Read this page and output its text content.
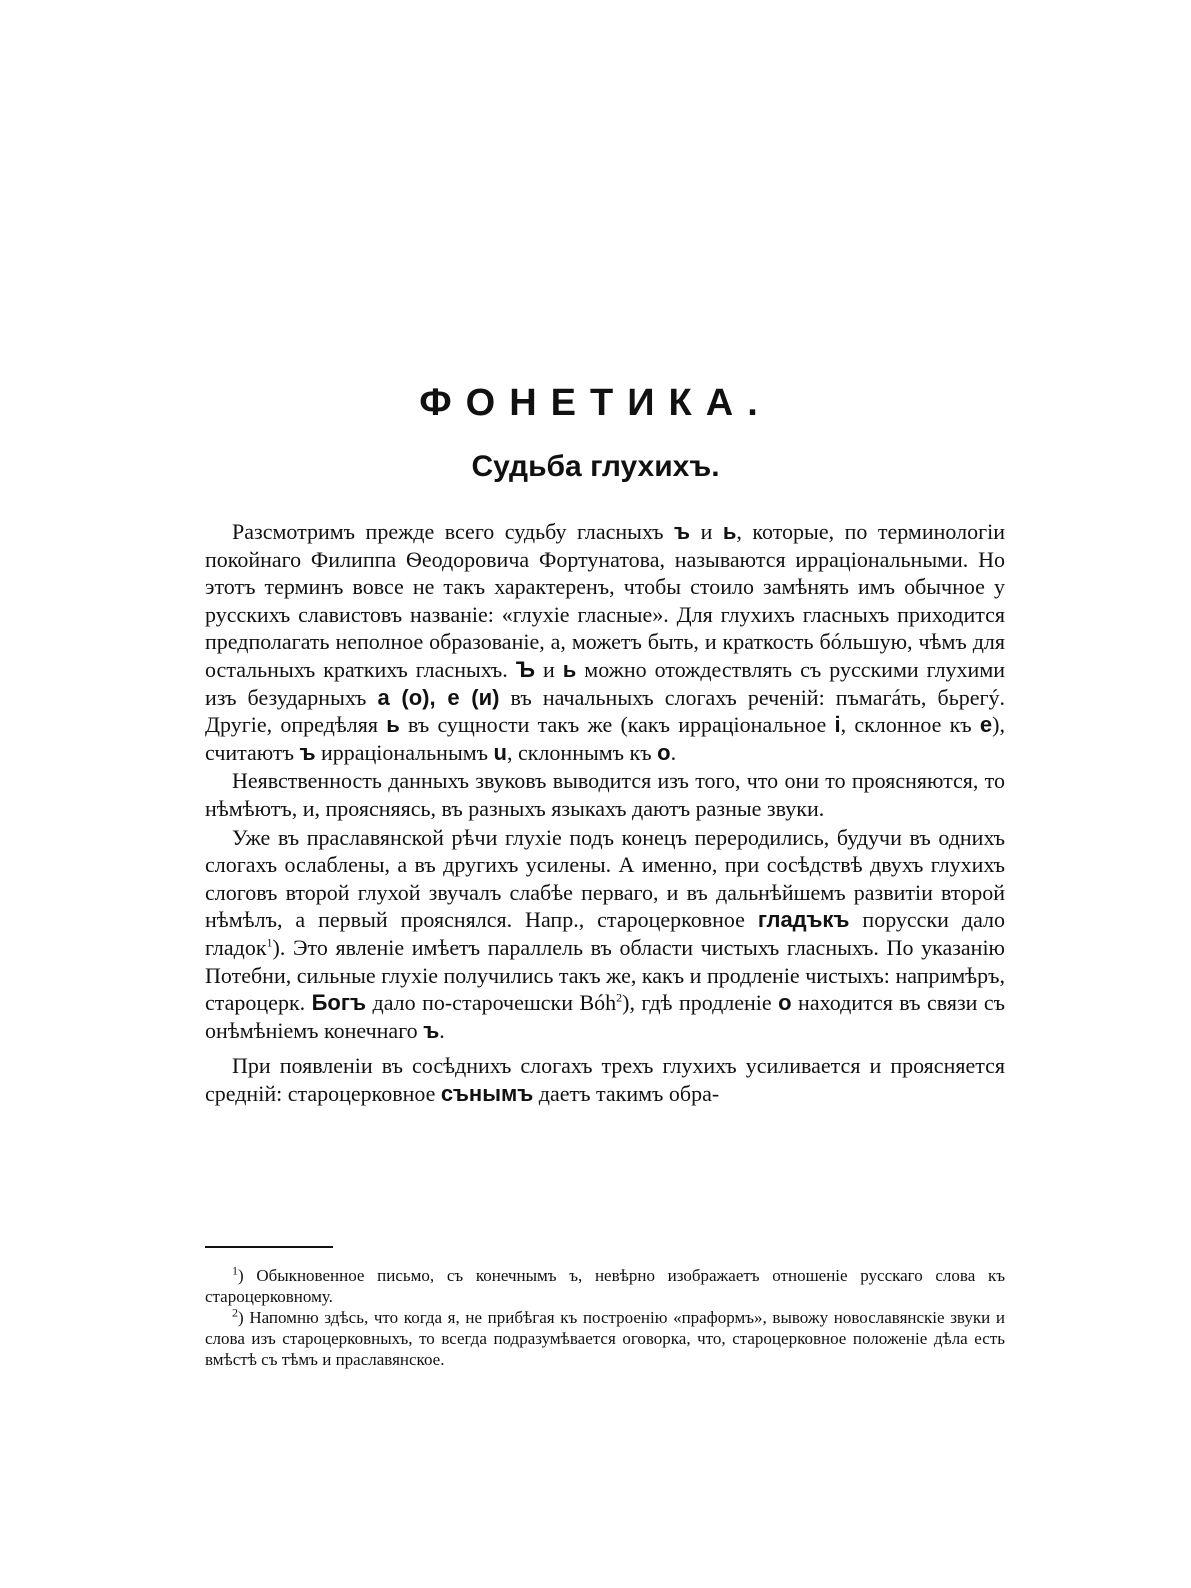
ФОНЕТИКА.
Судьба глухихъ.

Разсмотримъ прежде всего судьбу гласныхъ ъ и ь, которые, по терминологіи покойнаго Филиппа Ѳеодоровича Фортунатова, называются ирраціональными. Но этотъ терминъ вовсе не такъ характеренъ, чтобы стоило замѣнять имъ обычное у русскихъ славистовъ названіе: «глухіе гласные». Для глухихъ гласныхъ приходится предполагать неполное образованіе, а, можетъ быть, и краткость бóльшую, чѣмъ для остальныхъ краткихъ гласныхъ. Ъ и ь можно отождествлять съ русскими глухими изъ безударныхъ а (о), е (и) въ начальныхъ слогахъ реченій: пъмагáть, бьрегý. Другіе, опредѣляя ь въ сущности такъ же (какъ ирраціональное і, склонное къ е), считаютъ ъ ирраціональнымъ u, склоннымъ къ о.

Неявственность данныхъ звуковъ выводится изъ того, что они то проясняются, то нѣмѣютъ, и, проясняясь, въ разныхъ языкахъ даютъ разные звуки.

Уже въ праславянской рѣчи глухіе подъ конецъ переродились, будучи въ однихъ слогахъ ослаблены, а въ другихъ усилены. А именно, при сосѣдствѣ двухъ глухихъ слоговъ второй глухой звучалъ слабѣе перваго, и въ дальнѣйшемъ развитіи второй нѣмѣлъ, а первый прояснялся. Напр., староцерковное гладъкъ порусски дало гладок$^1$). Это явленіе имѣетъ параллель въ области чистыхъ гласныхъ. По указанію Потебни, сильные глухіе получились такъ же, какъ и продленіе чистыхъ: напримѣръ, староцерк. Богъ дало по-старочешски Bóh$^2$), гдѣ продленіе о находится въ связи съ онѣмѣніемъ конечнаго ъ.

При появленіи въ сосѣднихъ слогахъ трехъ глухихъ усиливается и проясняется средній: староцерковное сънымъ даетъ такимъ обра-

$^1$) Обыкновенное письмо, съ конечнымъ ъ, невѣрно изображаетъ отношеніе русскаго слова къ староцерковному.

$^2$) Напомню здѣсь, что когда я, не прибѣгая къ построенію «праформъ», вывожу новославянскіе звуки и слова изъ староцерковныхъ, то всегда подразумѣвается оговорка, что, староцерковное положеніе дѣла есть вмѣстѣ съ тѣмъ и праславянское.
